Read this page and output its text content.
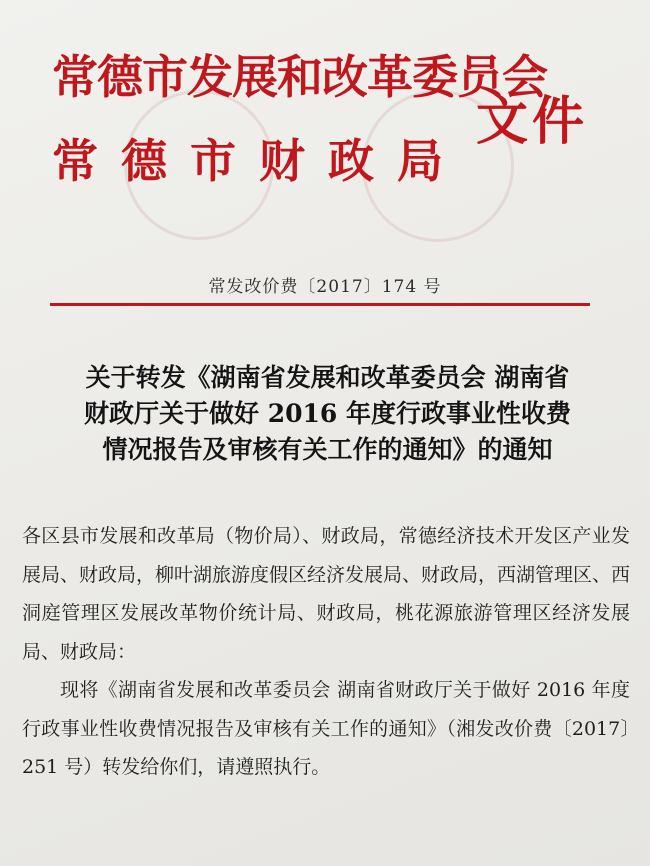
常德市发展和改革委员会
常德市财政局
文件
常发改价费〔2017〕174 号
关于转发《湖南省发展和改革委员会 湖南省
财政厅关于做好 2016 年度行政事业性收费
情况报告及审核有关工作的通知》的通知
各区县市发展和改革局（物价局）、财政局，常德经济技术开发区产业发展局、财政局，柳叶湖旅游度假区经济发展局、财政局，西湖管理区、西洞庭管理区发展改革物价统计局、财政局，桃花源旅游管理区经济发展局、财政局：
现将《湖南省发展和改革委员会 湖南省财政厅关于做好 2016 年度行政事业性收费情况报告及审核有关工作的通知》（湘发改价费〔2017〕251 号）转发给你们，请遵照执行。
